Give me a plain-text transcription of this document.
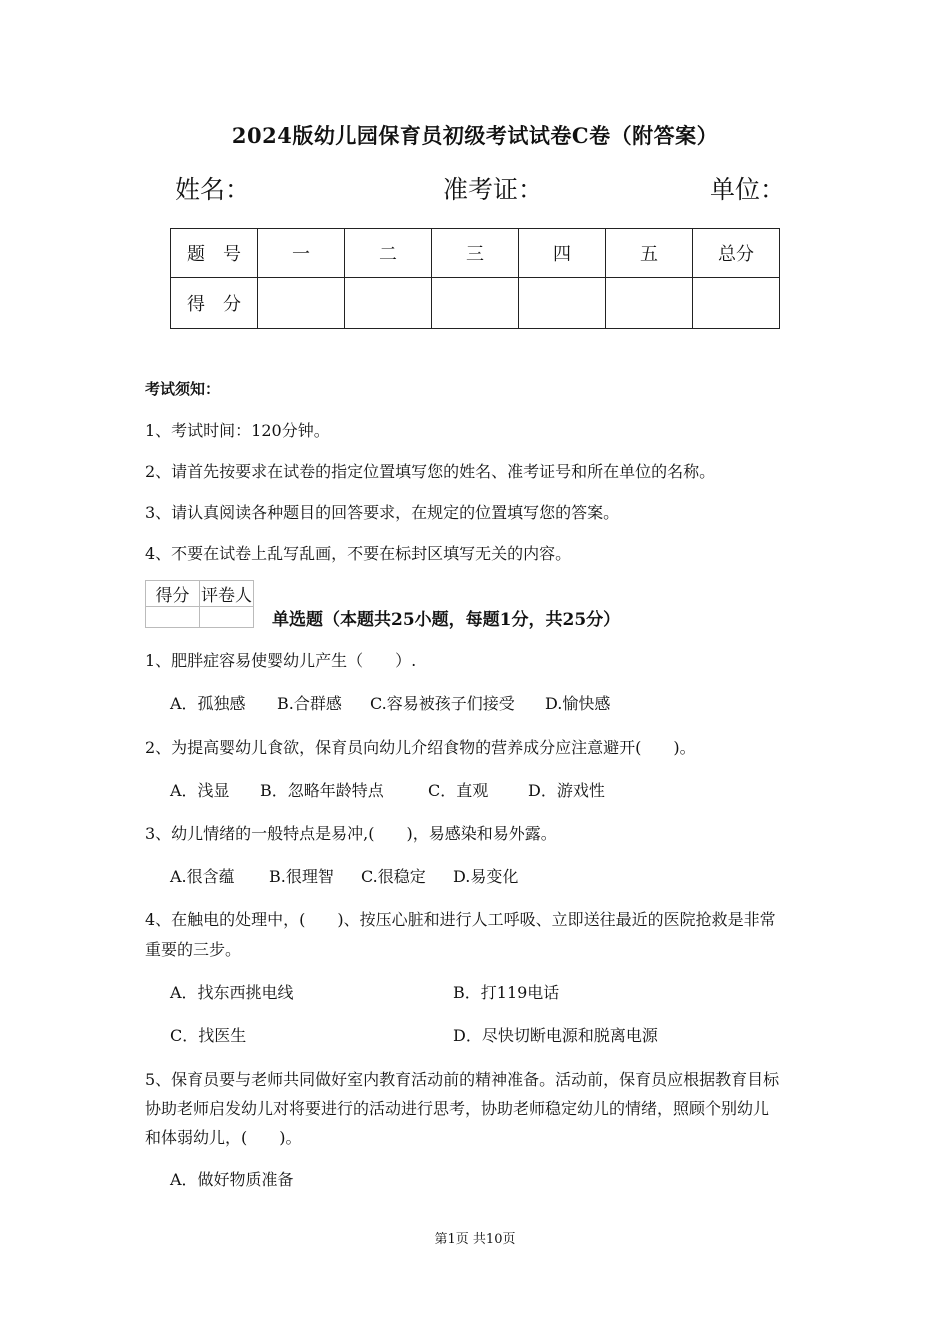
2024版幼儿园保育员初级考试试卷C卷（附答案）
姓名：	准考证：	单位：
题　号	一	二	三	四	五	总分
得　分						
考试须知：
1、考试时间：120分钟。
2、请首先按要求在试卷的指定位置填写您的姓名、准考证号和所在单位的名称。
3、请认真阅读各种题目的回答要求，在规定的位置填写您的答案。
4、不要在试卷上乱写乱画，不要在标封区填写无关的内容。
得分	评卷人

单选题（本题共25小题，每题1分，共25分）
1、肥胖症容易使婴幼儿产生（　　）.
A．孤独感 B.合群感 C.容易被孩子们接受 D.愉快感
2、为提高婴幼儿食欲，保育员向幼儿介绍食物的营养成分应注意避开(　　)。
A．浅显 B．忽略年龄特点	C．直观 D．游戏性
3、幼儿情绪的一般特点是易冲,(　　)，易感染和易外露。
A.很含蕴 B.很理智 C.很稳定 D.易变化
4、在触电的处理中，(　　)、按压心脏和进行人工呼吸、立即送往最近的医院抢救是非常
重要的三步。
A．找东西挑电线	B．打119电话
C．找医生	D．尽快切断电源和脱离电源
5、保育员要与老师共同做好室内教育活动前的精神准备。活动前，保育员应根据教育目标
协助老师启发幼儿对将要进行的活动进行思考，协助老师稳定幼儿的情绪，照顾个别幼儿
和体弱幼儿，(　　)。
A．做好物质准备
第1页 共10页
